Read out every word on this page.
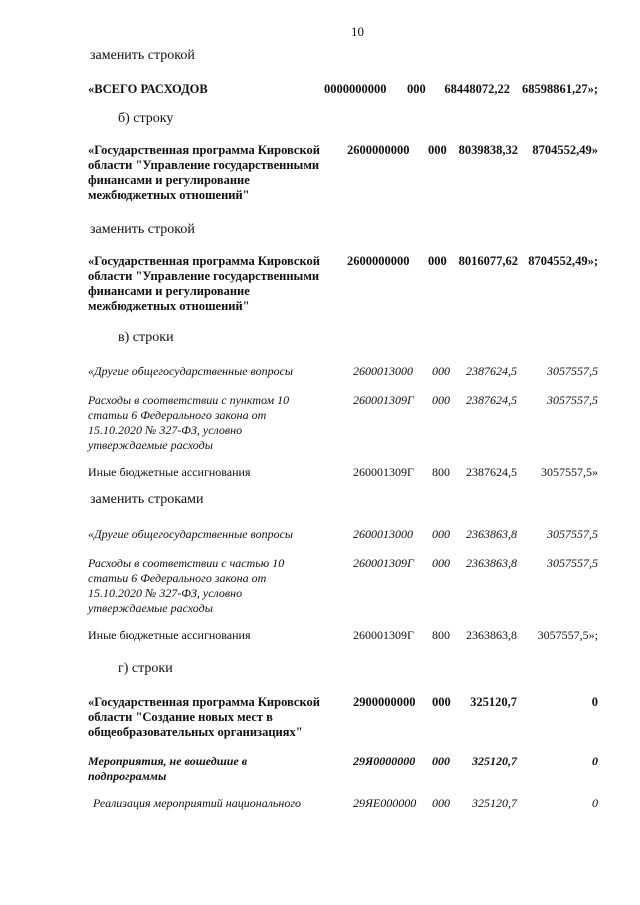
10
заменить строкой
«ВСЕГО РАСХОДОВ	0000000000 000 68448072,22 68598861,27»;
б) строку
«Государственная программа Кировской области "Управление государственными финансами и регулирование межбюджетных отношений"
2600000000 000 8039838,32 8704552,49»
заменить строкой
«Государственная программа Кировской области "Управление государственными финансами и регулирование межбюджетных отношений"
2600000000 000 8016077,62 8704552,49»;
в) строки
«Другие общегосударственные вопросы	2600013000 000 2387624,5	3057557,5
Расходы в соответствии с пунктом 10 статьи 6 Федерального закона от 15.10.2020 № 327-ФЗ, условно утверждаемые расходы
260001309Г 000 2387624,5	3057557,5
Иные бюджетные ассигнования	260001309Г 800 2387624,5 3057557,5»
заменить строками
«Другие общегосударственные вопросы	2600013000 000 2363863,8	3057557,5
Расходы в соответствии с частью 10 статьи 6 Федерального закона от 15.10.2020 № 327-ФЗ, условно утверждаемые расходы
260001309Г 000 2363863,8	3057557,5
Иные бюджетные ассигнования	260001309Г 800 2363863,8 3057557,5»;
г) строки
«Государственная программа Кировской области "Создание новых мест в общеобразовательных организациях"
2900000000 000 325120,7	0
Мероприятия, не вошедшие в подпрограммы
29Я0000000 000 325120,7	0
Реализация мероприятий национального	29ЯЕ000000 000 325120,7	0
